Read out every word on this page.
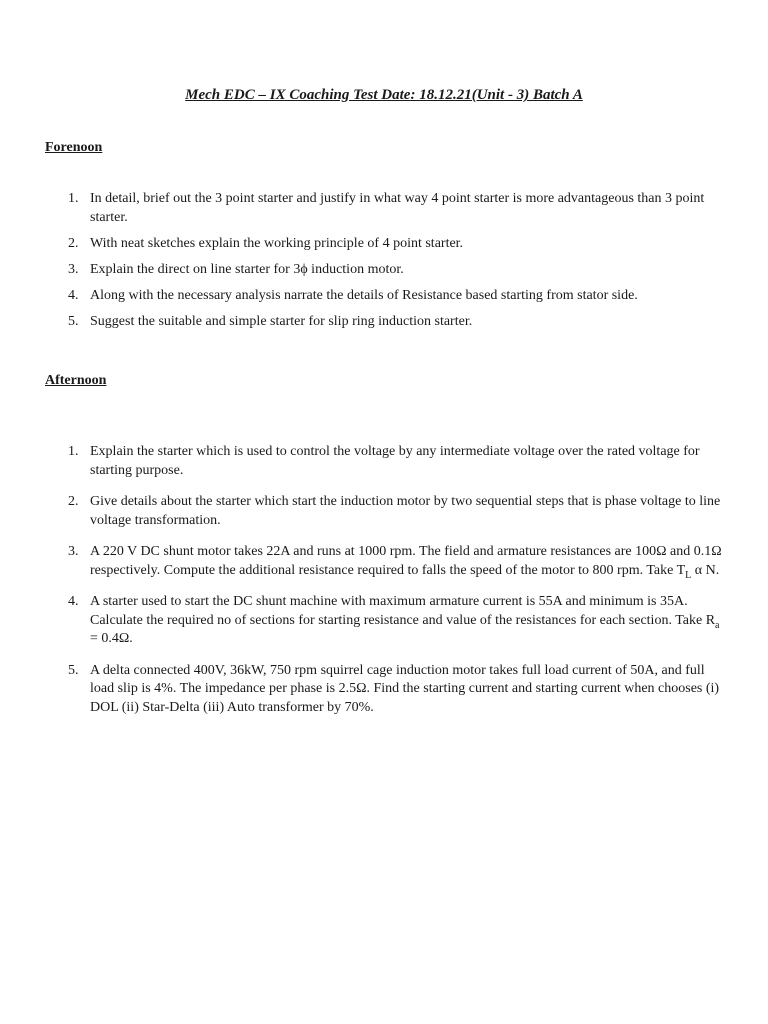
Mech EDC – IX Coaching Test Date: 18.12.21(Unit - 3) Batch A
Forenoon
1. In detail, brief out the 3 point starter and justify in what way 4 point starter is more advantageous than 3 point starter.
2. With neat sketches explain the working principle of 4 point starter.
3. Explain the direct on line starter for 3ϕ induction motor.
4. Along with the necessary analysis narrate the details of Resistance based starting from stator side.
5. Suggest the suitable and simple starter for slip ring induction starter.
Afternoon
1. Explain the starter which is used to control the voltage by any intermediate voltage over the rated voltage for starting purpose.
2. Give details about the starter which start the induction motor by two sequential steps that is phase voltage to line voltage transformation.
3. A 220 V DC shunt motor takes 22A and runs at 1000 rpm. The field and armature resistances are 100Ω and 0.1Ω respectively. Compute the additional resistance required to falls the speed of the motor to 800 rpm. Take $T_L$ α N.
4. A starter used to start the DC shunt machine with maximum armature current is 55A and minimum is 35A. Calculate the required no of sections for starting resistance and value of the resistances for each section. Take $R_a = 0.4\Omega$.
5. A delta connected 400V, 36kW, 750 rpm squirrel cage induction motor takes full load current of 50A, and full load slip is 4%. The impedance per phase is 2.5Ω. Find the starting current and starting current when chooses (i) DOL (ii) Star-Delta (iii) Auto transformer by 70%.
